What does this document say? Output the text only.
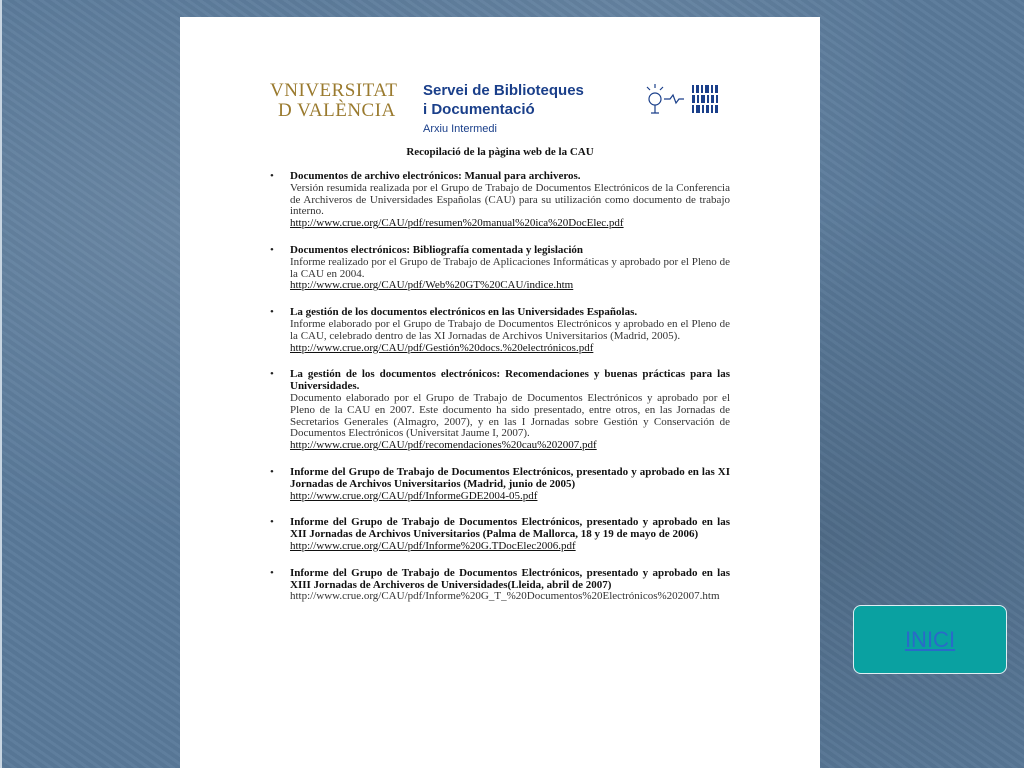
VNIVERSITAT
D VALÈNCIA
Servei de Biblioteques
i Documentació
Arxiu Intermedi
Recopilació de la pàgina web de la CAU
• Documentos de archivo electrónicos: Manual para archiveros.
Versión resumida realizada por el Grupo de Trabajo de Documentos Electrónicos de la Conferencia de Archiveros de Universidades Españolas (CAU) para su utilización como documento de trabajo interno.
http://www.crue.org/CAU/pdf/resumen%20manual%20ica%20DocElec.pdf
• Documentos electrónicos: Bibliografía comentada y legislación
Informe realizado por el Grupo de Trabajo de Aplicaciones Informáticas y aprobado por el Pleno de la CAU en 2004.
http://www.crue.org/CAU/pdf/Web%20GT%20CAU/indice.htm
• La gestión de los documentos electrónicos en las Universidades Españolas.
Informe elaborado por el Grupo de Trabajo de Documentos Electrónicos y aprobado en el Pleno de la CAU, celebrado dentro de las XI Jornadas de Archivos Universitarios (Madrid, 2005).
http://www.crue.org/CAU/pdf/Gestión%20docs.%20electrónicos.pdf
• La gestión de los documentos electrónicos: Recomendaciones y buenas prácticas para las Universidades.
Documento elaborado por el Grupo de Trabajo de Documentos Electrónicos y aprobado por el Pleno de la CAU en 2007. Este documento ha sido presentado, entre otros, en las Jornadas de Secretarios Generales (Almagro, 2007), y en las I Jornadas sobre Gestión y Conservación de Documentos Electrónicos (Universitat Jaume I, 2007).
http://www.crue.org/CAU/pdf/recomendaciones%20cau%202007.pdf
• Informe del Grupo de Trabajo de Documentos Electrónicos, presentado y aprobado en las XI Jornadas de Archivos Universitarios (Madrid, junio de 2005)
http://www.crue.org/CAU/pdf/InformeGDE2004-05.pdf
• Informe del Grupo de Trabajo de Documentos Electrónicos, presentado y aprobado en las XII Jornadas de Archivos Universitarios (Palma de Mallorca, 18 y 19 de mayo de 2006)
http://www.crue.org/CAU/pdf/Informe%20G.TDocElec2006.pdf
• Informe del Grupo de Trabajo de Documentos Electrónicos, presentado y aprobado en las XIII Jornadas de Archiveros de Universidades(Lleida, abril de 2007)
http://www.crue.org/CAU/pdf/Informe%20G_T_%20Documentos%20Electrónicos%202007.htm
INICI
